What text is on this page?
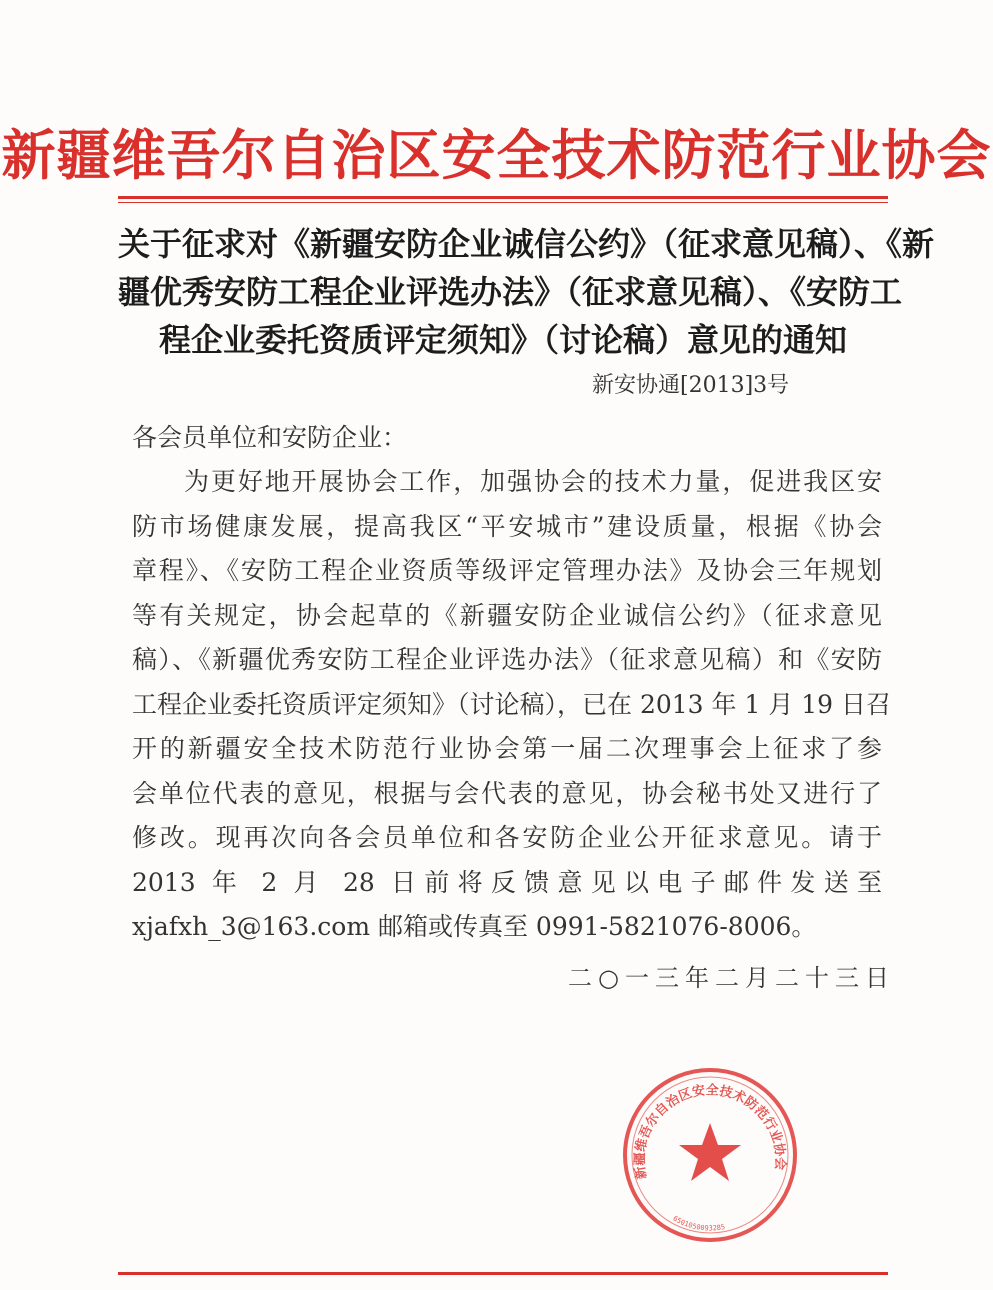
新疆维吾尔自治区安全技术防范行业协会
关于征求对《新疆安防企业诚信公约》（征求意见稿）、《新
疆优秀安防工程企业评选办法》（征求意见稿）、《安防工
程企业委托资质评定须知》（讨论稿）意见的通知
新安协通[2013]3号
各会员单位和安防企业：
为更好地开展协会工作，加强协会的技术力量，促进我区安
防市场健康发展，提高我区“平安城市”建设质量，根据《协会
章程》、《安防工程企业资质等级评定管理办法》及协会三年规划
等有关规定，协会起草的《新疆安防企业诚信公约》（征求意见
稿）、《新疆优秀安防工程企业评选办法》（征求意见稿）和《安防
工程企业委托资质评定须知》（讨论稿），已在 2013 年 1 月 19 日召
开的新疆安全技术防范行业协会第一届二次理事会上征求了参
会单位代表的意见，根据与会代表的意见，协会秘书处又进行了
修改。现再次向各会员单位和各安防企业公开征求意见。请于
2013 年 2 月 28 日前将反馈意见以电子邮件发送至
xjafxh_3@163.com 邮箱或传真至 0991-5821076-8006。
二○一三年二月二十三日
新疆维吾尔自治区安全技术防范行业协会
6501050093285
